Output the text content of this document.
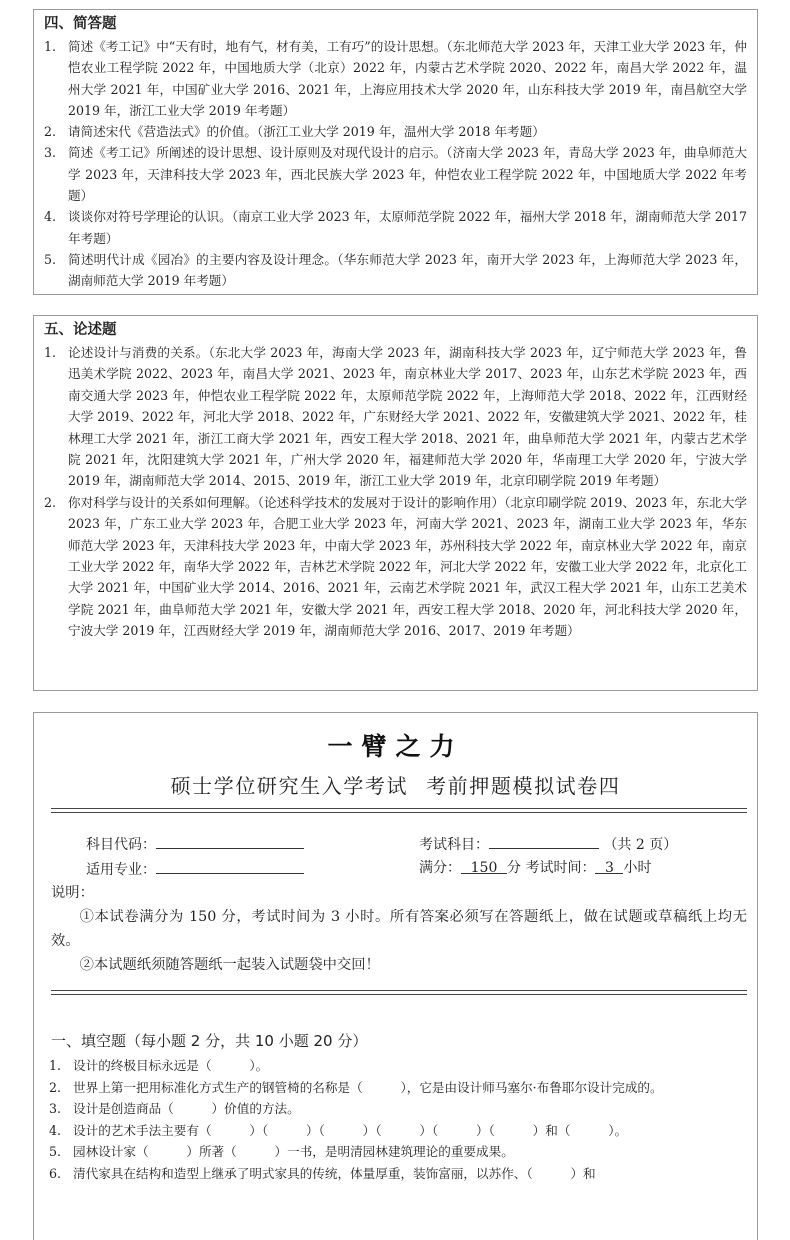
四、简答题
1. 简述《考工记》中“天有时，地有气，材有美，工有巧”的设计思想。（东北师范大学 2023 年，天津工业大学 2023 年，仲恺农业工程学院 2022 年，中国地质大学（北京）2022 年，内蒙古艺术学院 2020、2022 年，南昌大学 2022 年，温州大学 2021 年，中国矿业大学 2016、2021 年，上海应用技术大学 2020 年，山东科技大学 2019 年，南昌航空大学 2019 年，浙江工业大学 2019 年考题）
2. 请简述宋代《营造法式》的价值。（浙江工业大学 2019 年，温州大学 2018 年考题）
3. 简述《考工记》所阐述的设计思想、设计原则及对现代设计的启示。（济南大学 2023 年，青岛大学 2023 年，曲阜师范大学 2023 年，天津科技大学 2023 年，西北民族大学 2023 年，仲恺农业工程学院 2022 年，中国地质大学 2022 年考题）
4. 谈谈你对符号学理论的认识。（南京工业大学 2023 年，太原师范学院 2022 年，福州大学 2018 年，湖南师范大学 2017 年考题）
5. 简述明代计成《园冶》的主要内容及设计理念。（华东师范大学 2023 年，南开大学 2023 年，上海师范大学 2023 年，湖南师范大学 2019 年考题）
五、论述题
1. 论述设计与消费的关系。（东北大学 2023 年，海南大学 2023 年，湖南科技大学 2023 年，辽宁师范大学 2023 年，鲁迅美术学院 2022、2023 年，南昌大学 2021、2023 年，南京林业大学 2017、2023 年，山东艺术学院 2023 年，西南交通大学 2023 年，仲恺农业工程学院 2022 年，太原师范学院 2022 年，上海师范大学 2018、2022 年，江西财经大学 2019、2022 年，河北大学 2018、2022 年，广东财经大学 2021、2022 年，安徽建筑大学 2021、2022 年，桂林理工大学 2021 年，浙江工商大学 2021 年，西安工程大学 2018、2021 年，曲阜师范大学 2021 年，内蒙古艺术学院 2021 年，沈阳建筑大学 2021 年，广州大学 2020 年，福建师范大学 2020 年，华南理工大学 2020 年，宁波大学 2019 年，湖南师范大学 2014、2015、2019 年，浙江工业大学 2019 年，北京印刷学院 2019 年考题）
2. 你对科学与设计的关系如何理解。（论述科学技术的发展对于设计的影响作用）（北京印刷学院 2019、2023 年，东北大学 2023 年，广东工业大学 2023 年，合肥工业大学 2023 年，河南大学 2021、2023 年，湖南工业大学 2023 年，华东师范大学 2023 年，天津科技大学 2023 年，中南大学 2023 年，苏州科技大学 2022 年，南京林业大学 2022 年，南京工业大学 2022 年，南华大学 2022 年，吉林艺术学院 2022 年，河北大学 2022 年，安徽工业大学 2022 年，北京化工大学 2021 年，中国矿业大学 2014、2016、2021 年，云南艺术学院 2021 年，武汉工程大学 2021 年，山东工艺美术学院 2021 年，曲阜师范大学 2021 年，安徽大学 2021 年，西安工程大学 2018、2020 年，河北科技大学 2020 年，宁波大学 2019 年，江西财经大学 2019 年，湖南师范大学 2016、2017、2019 年考题）
一臂之力
硕士学位研究生入学考试 考前押题模拟试卷四
科目代码：	考试科目：	（共 2 页）
适用专业：	满分： 150 分 考试时间： 3 小时
说明：
①本试卷满分为 150 分，考试时间为 3 小时。所有答案必须写在答题纸上，做在试题或草稿纸上均无效。
②本试题纸须随答题纸一起装入试题袋中交回！
一、填空题（每小题 2 分，共 10 小题 20 分）
1. 设计的终极目标永远是（　　　）。
2. 世界上第一把用标准化方式生产的钢管椅的名称是（　　　），它是由设计师马塞尔·布鲁耶尔设计完成的。
3. 设计是创造商品（　　　）价值的方法。
4. 设计的艺术手法主要有（　　　）（　　　）（　　　）（　　　）（　　　）（　　　）和（　　　）。
5. 园林设计家（　　　）所著（　　　）一书，是明清园林建筑理论的重要成果。
6. 清代家具在结构和造型上继承了明式家具的传统，体量厚重，装饰富丽，以苏作、（　　　）和
